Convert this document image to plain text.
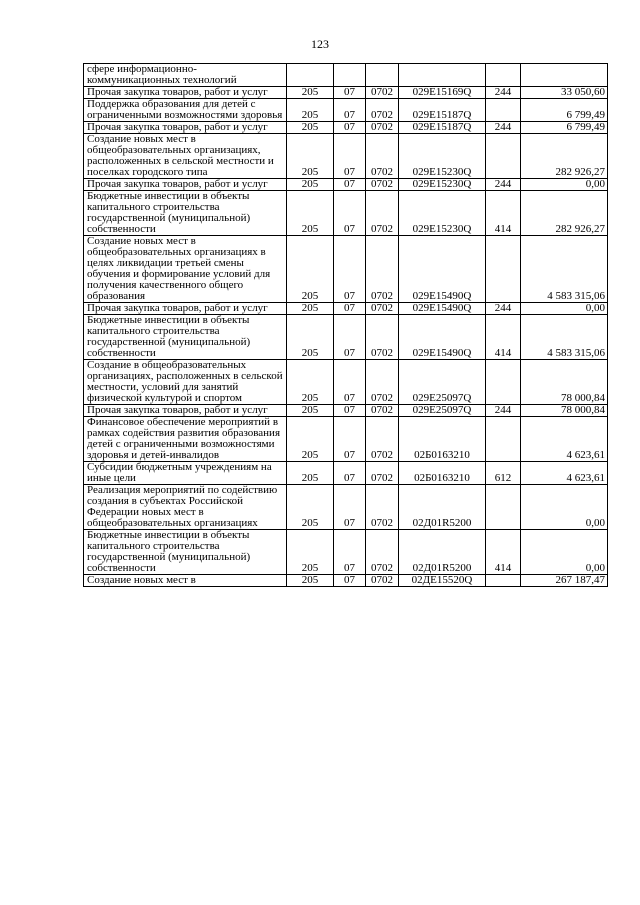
123
сфере информационно-коммуникационных технологий						
Прочая закупка товаров, работ и услуг	205	07	0702	029E15169Q	244	33 050,60
Поддержка образования для детей с ограниченными возможностями здоровья	205	07	0702	029E15187Q		6 799,49
Прочая закупка товаров, работ и услуг	205	07	0702	029E15187Q	244	6 799,49
Создание новых мест в общеобразовательных организациях, расположенных в сельской местности и поселках городского типа	205	07	0702	029E15230Q		282 926,27
Прочая закупка товаров, работ и услуг	205	07	0702	029E15230Q	244	0,00
Бюджетные инвестиции в объекты капитального строительства государственной (муниципальной) собственности	205	07	0702	029E15230Q	414	282 926,27
Создание новых мест в общеобразовательных организациях в целях ликвидации третьей смены обучения и формирование условий для получения качественного общего образования	205	07	0702	029E15490Q		4 583 315,06
Прочая закупка товаров, работ и услуг	205	07	0702	029E15490Q	244	0,00
Бюджетные инвестиции в объекты капитального строительства государственной (муниципальной) собственности	205	07	0702	029E15490Q	414	4 583 315,06
Создание в общеобразовательных организациях, расположенных в сельской местности, условий для занятий физической культурой и спортом	205	07	0702	029E25097Q		78 000,84
Прочая закупка товаров, работ и услуг	205	07	0702	029E25097Q	244	78 000,84
Финансовое обеспечение мероприятий в рамках содействия развития образования детей с ограниченными возможностями здоровья и детей-инвалидов	205	07	0702	02Б0163210		4 623,61
Субсидии бюджетным учреждениям на иные цели	205	07	0702	02Б0163210	612	4 623,61
Реализация мероприятий по содействию создания в субъектах Российской Федерации новых мест в общеобразовательных организациях	205	07	0702	02Д01R5200		0,00
Бюджетные инвестиции в объекты капитального строительства государственной (муниципальной) собственности	205	07	0702	02Д01R5200	414	0,00
Создание новых мест в	205	07	0702	02ДЕ15520Q		267 187,47
